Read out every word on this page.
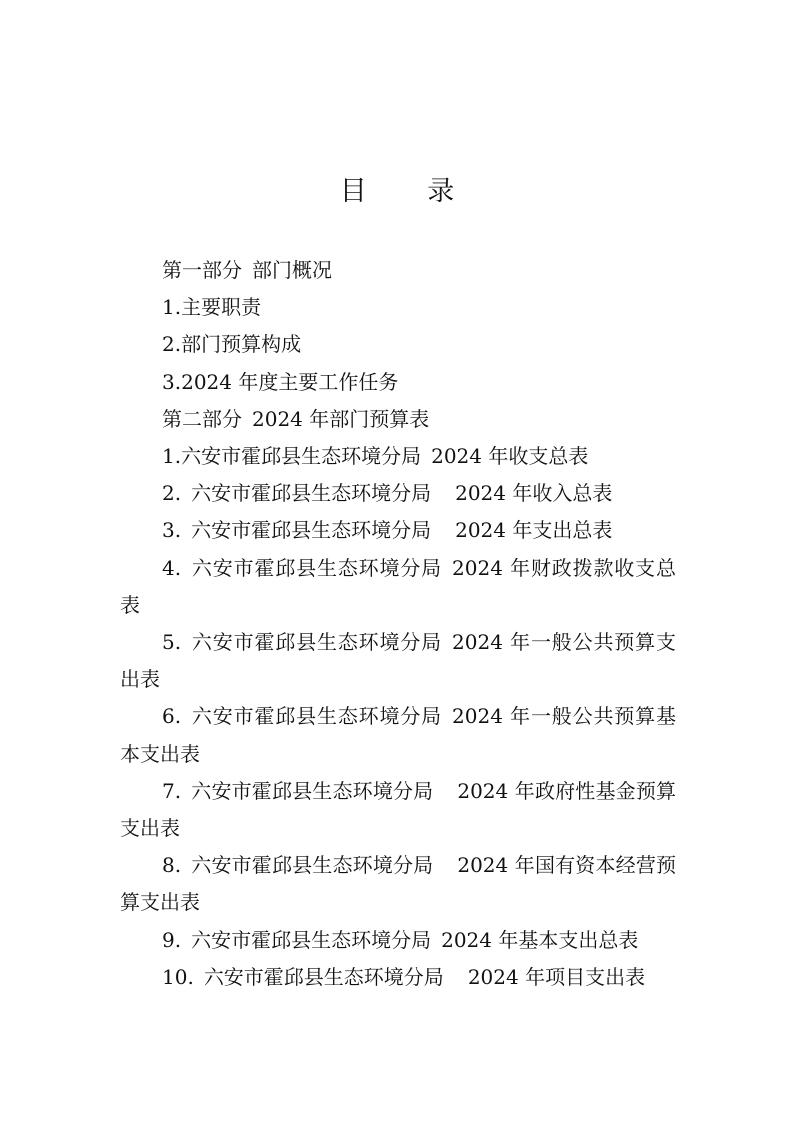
目 录
第一部分 部门概况
1.主要职责
2.部门预算构成
3.2024 年度主要工作任务
第二部分 2024 年部门预算表
1.六安市霍邱县生态环境分局 2024 年收支总表
2. 六安市霍邱县生态环境分局 2024 年收入总表
3. 六安市霍邱县生态环境分局 2024 年支出总表
4. 六安市霍邱县生态环境分局 2024 年财政拨款收支总表
5. 六安市霍邱县生态环境分局 2024 年一般公共预算支出表
6. 六安市霍邱县生态环境分局 2024 年一般公共预算基本支出表
7. 六安市霍邱县生态环境分局 2024 年政府性基金预算支出表
8. 六安市霍邱县生态环境分局 2024 年国有资本经营预算支出表
9. 六安市霍邱县生态环境分局 2024 年基本支出总表
10. 六安市霍邱县生态环境分局 2024 年项目支出表
